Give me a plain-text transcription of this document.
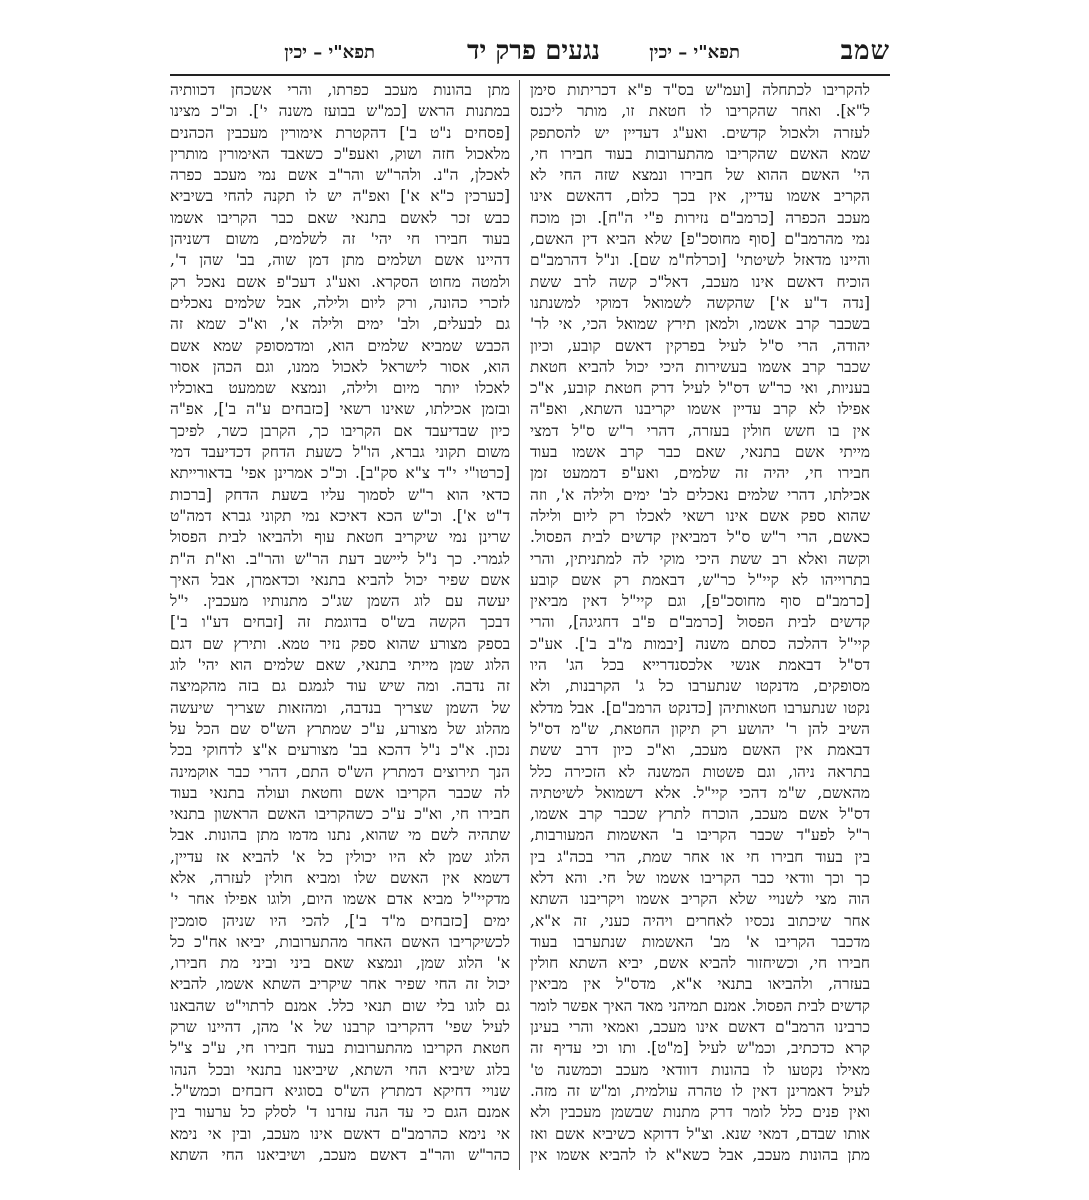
שמב
תפא"י – יכין
נגעים פרק יד
תפא"י – יכין
להקריבו לכתחלה [ועמ"ש בס"ד פ"א דכריתות סימן
ל"א]. ואחר שהקריבו לו חטאת זו, מותר ליכנס
לעזרה ולאכול קדשים. ואע"ג דעדיין יש להסתפק
שמא האשם שהקריבו מהתערובות בעוד חבירו חי,
הי' האשם ההוא של חבירו ונמצא שזה החי לא
הקריב אשמו עדיין, אין בכך כלום, דהאשם אינו
מעכב הכפרה [כרמב"ם נזירות פ"י ה"ח]. וכן מוכח
נמי מהרמב"ם [סוף מחוסכ"פ] שלא הביא דין האשם,
והיינו מדאזל לשיטתי' [וכרלח"מ שם]. ונ"ל דהרמב"ם
הוכיח דאשם אינו מעכב, דאל"כ קשה לרב ששת
[נדה ד"ע א'] שהקשה לשמואל דמוקי למשנתנו
בשכבר קרב אשמו, ולמאן תירץ שמואל הכי, אי לר'
יהודה, הרי ס"ל לעיל בפרקין דאשם קובע, וכיון
שכבר קרב אשמו בעשירות היכי יכול להביא חטאת
בעניות, ואי כר"ש דס"ל לעיל דרק חטאת קובע, א"כ
אפילו לא קרב עדיין אשמו יקריבנו השתא, ואפ"ה
אין בו חשש חולין בעזרה, דהרי ר"ש ס"ל דמצי
מייתי אשם בתנאי, שאם כבר קרב אשמו בעוד
חבירו חי, יהיה זה שלמים, ואע"פ דממעט זמן
אכילתו, דהרי שלמים נאכלים לב' ימים ולילה א', וזה
שהוא ספק אשם אינו רשאי לאכלו רק ליום ולילה
כאשם, הרי ר"ש ס"ל דמביאין קדשים לבית הפסול.
וקשה ואלא רב ששת היכי מוקי לה למתניתין, והרי
בתרוייהו לא קיי"ל כר"ש, דבאמת רק אשם קובע
[כרמב"ם סוף מחוסכ"פ], וגם קיי"ל דאין מביאין
קדשים לבית הפסול [כרמב"ם פ"ב דחגיגה], והרי
קיי"ל דהלכה כסתם משנה [יבמות מ"ב ב']. אע"כ
דס"ל דבאמת אנשי אלכסנדרייא בכל הג' היו
מסופקים, מדנקטו שנתערבו כל ג' הקרבנות, ולא
נקטו שנתערבו חטאותיהן [כדנקט הרמב"ם]. אבל מדלא
השיב להן ר' יהושע רק תיקון החטאת, ש"מ דס"ל
דבאמת אין האשם מעכב, וא"כ כיון דרב ששת
בתראה ניהו, וגם פשטות המשנה לא הזכירה כלל
מהאשם, ש"מ דהכי קיי"ל. אלא דשמואל לשיטתיה
דס"ל אשם מעכב, הוכרח לתרץ שכבר קרב אשמו,
ר"ל לפע"ד שכבר הקריבו ב' האשמות המעורבות,
בין בעוד חבירו חי או אחר שמת, הרי בכה"ג בין
כך וכך וודאי כבר הקריבו אשמו של חי. והא דלא
הוה מצי לשנויי שלא הקריב אשמו ויקריבנו השתא
אחר שיכתוב נכסיו לאחרים ויהיה כעני, זה א"א,
מדכבר הקריבו א' מב' האשמות שנתערבו בעוד
חבירו חי, וכשיחזור להביא אשם, יביא השתא חולין
בעזרה, ולהביאו בתנאי א"א, מדס"ל אין מביאין
קדשים לבית הפסול. אמנם תמיהני מאד האיך אפשר לומר
כרבינו הרמב"ם דאשם אינו מעכב, ואמאי והרי בעינן
קרא כדכתיב, וכמ"ש לעיל [מ"ט]. ותו וכי עדיף זה
מאילו נקטעו לו בהונות דוודאי מעכב וכמשנה ט'
לעיל דאמרינן דאין לו טהרה עולמית, ומ"ש זה מזה.
ואין פנים כלל לומר דרק מתנות שבשמן מעכבין ולא
אותו שבדם, דמאי שנא. וצ"ל דדוקא כשיביא אשם ואז
מתן בהונות מעכב, אבל כשא"א לו להביא אשמו אין
מתן בהונות מעכב כפרתו, והרי אשכחן דכוותיה
במתנות הראש [כמ"ש בבועז משנה י']. וכ"כ מצינו
[פסחים נ"ט ב'] דהקטרת אימורין מעכבין הכהנים
מלאכול חזה ושוק, ואעפ"כ כשאבד האימורין מותרין
לאכלן, ה"נ. ולהר"ש והר"ב אשם נמי מעכב כפרה
[כערכין כ"א א'] ואפ"ה יש לו תקנה להחי בשיביא
כבש זכר לאשם בתנאי שאם כבר הקריבו אשמו
בעוד חבירו חי יהי' זה לשלמים, משום דשניהן
דהיינו אשם ושלמים מתן דמן שוה, בב' שהן ד',
ולמטה מחוט הסקרא. ואע"ג דעכ"פ אשם נאכל רק
לזכרי כהונה, ורק ליום ולילה, אבל שלמים נאכלים
גם לבעלים, ולב' ימים ולילה א', וא"כ שמא זה
הכבש שמביא שלמים הוא, ומדמסופק שמא אשם
הוא, אסור לישראל לאכול ממנו, וגם הכהן אסור
לאכלו יותר מיום ולילה, ונמצא שממעט באוכליו
ובזמן אכילתו, שאינו רשאי [כזבחים ע"ה ב'], אפ"ה
כיון שבדיעבד אם הקריבו כך, הקרבן כשר, לפיכך
משום תקוני גברא, הו"ל כשעת הדחק דכדיעבד דמי
[כרטו"י י"ד צ"א סק"ב]. וכ"כ אמרינן אפי' בדאורייתא
כדאי הוא ר"ש לסמוך עליו בשעת הדחק [ברכות
ד"ט א']. וכ"ש הכא דאיכא נמי תקוני גברא דמה"ט
שרינן נמי שיקריב חטאת עוף ולהביאו לבית הפסול
לגמרי. כך נ"ל ליישב דעת הר"ש והר"ב. וא"ת ה"ת
אשם שפיר יכול להביא בתנאי וכדאמרן, אבל האיך
יעשה עם לוג השמן שג"כ מתנותיו מעכבין. י"ל
דבכך הקשה בש"ס בדוגמת זה [זבחים דע"ו ב']
בספק מצורע שהוא ספק נזיר טמא. ותירץ שם דגם
הלוג שמן מייתי בתנאי, שאם שלמים הוא יהי' לוג
זה נדבה. ומה שיש עוד לגמגם גם בזה מהקמיצה
של השמן שצריך בנדבה, ומהזאות שצריך שיעשה
מהלוג של מצורע, ע"כ שמתרץ הש"ס שם הכל על
נכון. א"כ נ"ל דהכא בב' מצורעים א"צ לדחוקי בכל
הנך תירוצים דמתרץ הש"ס התם, דהרי כבר אוקמינה
לה שכבר הקריבו אשם וחטאת ועולה בתנאי בעוד
חבירו חי, וא"כ ע"כ כשהקריבו האשם הראשון בתנאי
שתהיה לשם מי שהוא, נתנו מדמו מתן בהונות. אבל
הלוג שמן לא היו יכולין כל א' להביא אז עדיין,
דשמא אין האשם שלו ומביא חולין לעזרה, אלא
מדקיי"ל מביא אדם אשמו היום, ולוגו אפילו אחר י'
ימים [כזבחים מ"ד ב'], להכי היו שניהן סומכין
לכשיקריבו האשם האחר מהתערובות, יביאו אח"כ כל
א' הלוג שמן, ונמצא שאם ביני וביני מת חבירו,
יכול זה החי שפיר אחר שיקריב השתא אשמו, להביא
גם לוגו בלי שום תנאי כלל. אמנם לרתוי"ט שהבאנו
לעיל שפי' דהקריבו קרבנו של א' מהן, דהיינו שרק
חטאת הקריבו מהתערובות בעוד חבירו חי, ע"כ צ"ל
בלוג שיביא החי השתא, שיביאנו בתנאי ובכל הנהו
שנויי דחיקא דמתרץ הש"ס בסוגיא דזבחים וכמש"ל.
אמנם הגם כי עד הנה עזרנו ד' לסלק כל ערעור בין
אי נימא כהרמב"ם דאשם אינו מעכב, ובין אי נימא
כהר"ש והר"ב דאשם מעכב, ושיביאנו החי השתא
